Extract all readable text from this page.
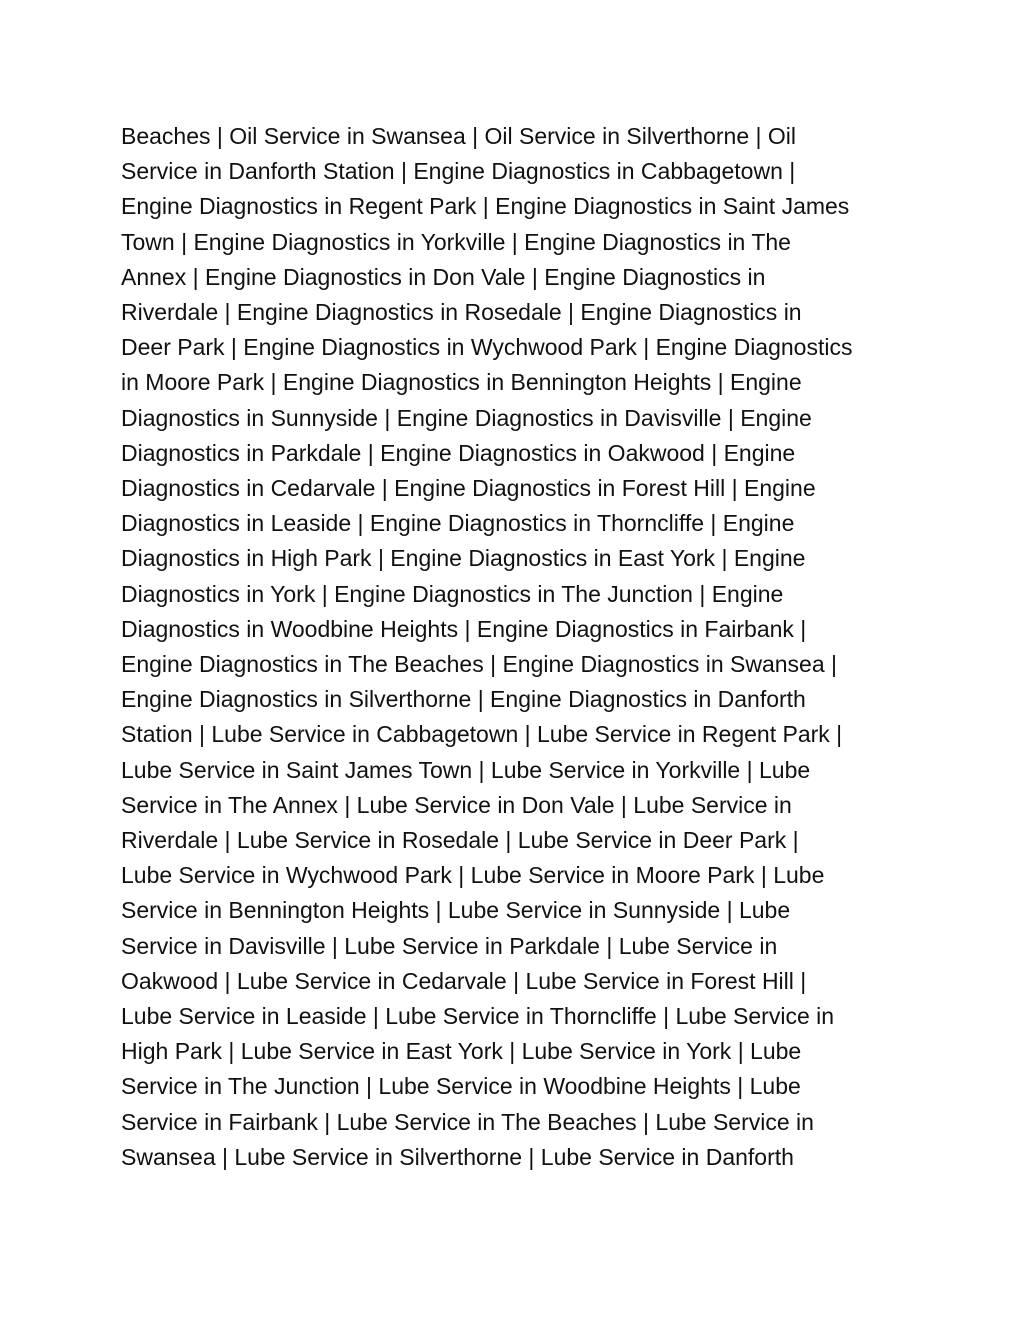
Beaches | Oil Service in Swansea | Oil Service in Silverthorne | Oil
Service in Danforth Station | Engine Diagnostics in Cabbagetown |
Engine Diagnostics in Regent Park | Engine Diagnostics in Saint James
Town | Engine Diagnostics in Yorkville | Engine Diagnostics in The
Annex | Engine Diagnostics in Don Vale | Engine Diagnostics in
Riverdale | Engine Diagnostics in Rosedale | Engine Diagnostics in
Deer Park | Engine Diagnostics in Wychwood Park | Engine Diagnostics
in Moore Park | Engine Diagnostics in Bennington Heights | Engine
Diagnostics in Sunnyside | Engine Diagnostics in Davisville | Engine
Diagnostics in Parkdale | Engine Diagnostics in Oakwood | Engine
Diagnostics in Cedarvale | Engine Diagnostics in Forest Hill | Engine
Diagnostics in Leaside | Engine Diagnostics in Thorncliffe | Engine
Diagnostics in High Park | Engine Diagnostics in East York | Engine
Diagnostics in York | Engine Diagnostics in The Junction | Engine
Diagnostics in Woodbine Heights | Engine Diagnostics in Fairbank |
Engine Diagnostics in The Beaches | Engine Diagnostics in Swansea |
Engine Diagnostics in Silverthorne | Engine Diagnostics in Danforth
Station | Lube Service in Cabbagetown | Lube Service in Regent Park |
Lube Service in Saint James Town | Lube Service in Yorkville | Lube
Service in The Annex | Lube Service in Don Vale | Lube Service in
Riverdale | Lube Service in Rosedale | Lube Service in Deer Park |
Lube Service in Wychwood Park | Lube Service in Moore Park | Lube
Service in Bennington Heights | Lube Service in Sunnyside | Lube
Service in Davisville | Lube Service in Parkdale | Lube Service in
Oakwood | Lube Service in Cedarvale | Lube Service in Forest Hill |
Lube Service in Leaside | Lube Service in Thorncliffe | Lube Service in
High Park | Lube Service in East York | Lube Service in York | Lube
Service in The Junction | Lube Service in Woodbine Heights | Lube
Service in Fairbank | Lube Service in The Beaches | Lube Service in
Swansea | Lube Service in Silverthorne | Lube Service in Danforth
